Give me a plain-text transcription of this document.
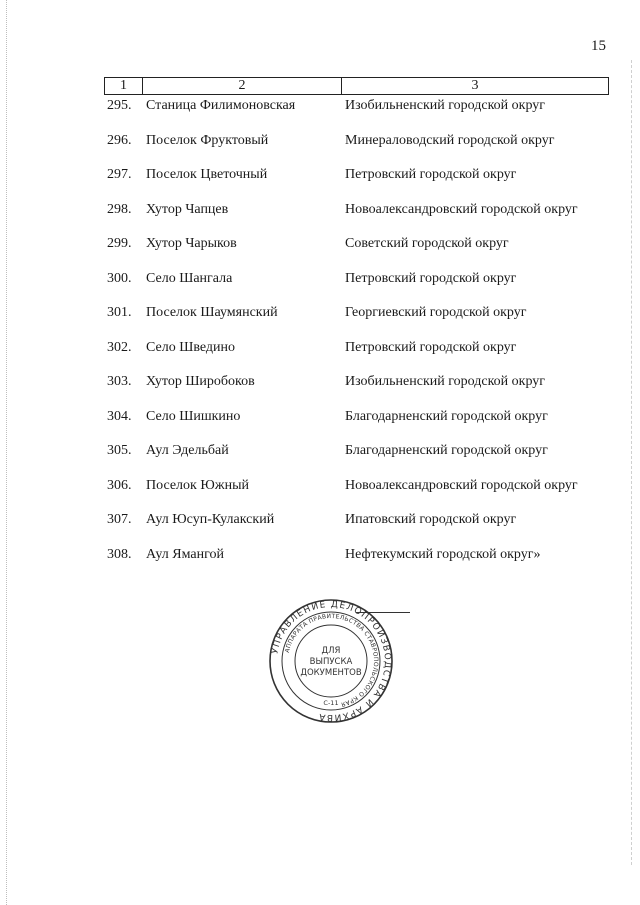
15
1	2	3
295. Станица Филимоновская	Изобильненский городской округ
296. Поселок Фруктовый	Минераловодский городской округ
297. Поселок Цветочный	Петровский городской округ
298. Хутор Чапцев	Новоалександровский городской округ
299. Хутор Чарыков	Советский городской округ
300. Село Шангала	Петровский городской округ
301. Поселок Шаумянский	Георгиевский городской округ
302. Село Шведино	Петровский городской округ
303. Хутор Широбоков	Изобильненский городской округ
304. Село Шишкино	Благодарненский городской округ
305. Аул Эдельбай	Благодарненский городской округ
306. Поселок Южный	Новоалександровский городской округ
307. Аул Юсуп-Кулакский	Ипатовский городской округ
308. Аул Ямангой	Нефтекумский городской округ»
УПРАВЛЕНИЕ ДЕЛОПРОИЗВОДСТВА И АРХИВА
АППАРАТА ПРАВИТЕЛЬСТВА СТАВРОПОЛЬСКОГО КРАЯ
ДЛЯ
ВЫПУСКА
ДОКУМЕНТОВ
С-11
